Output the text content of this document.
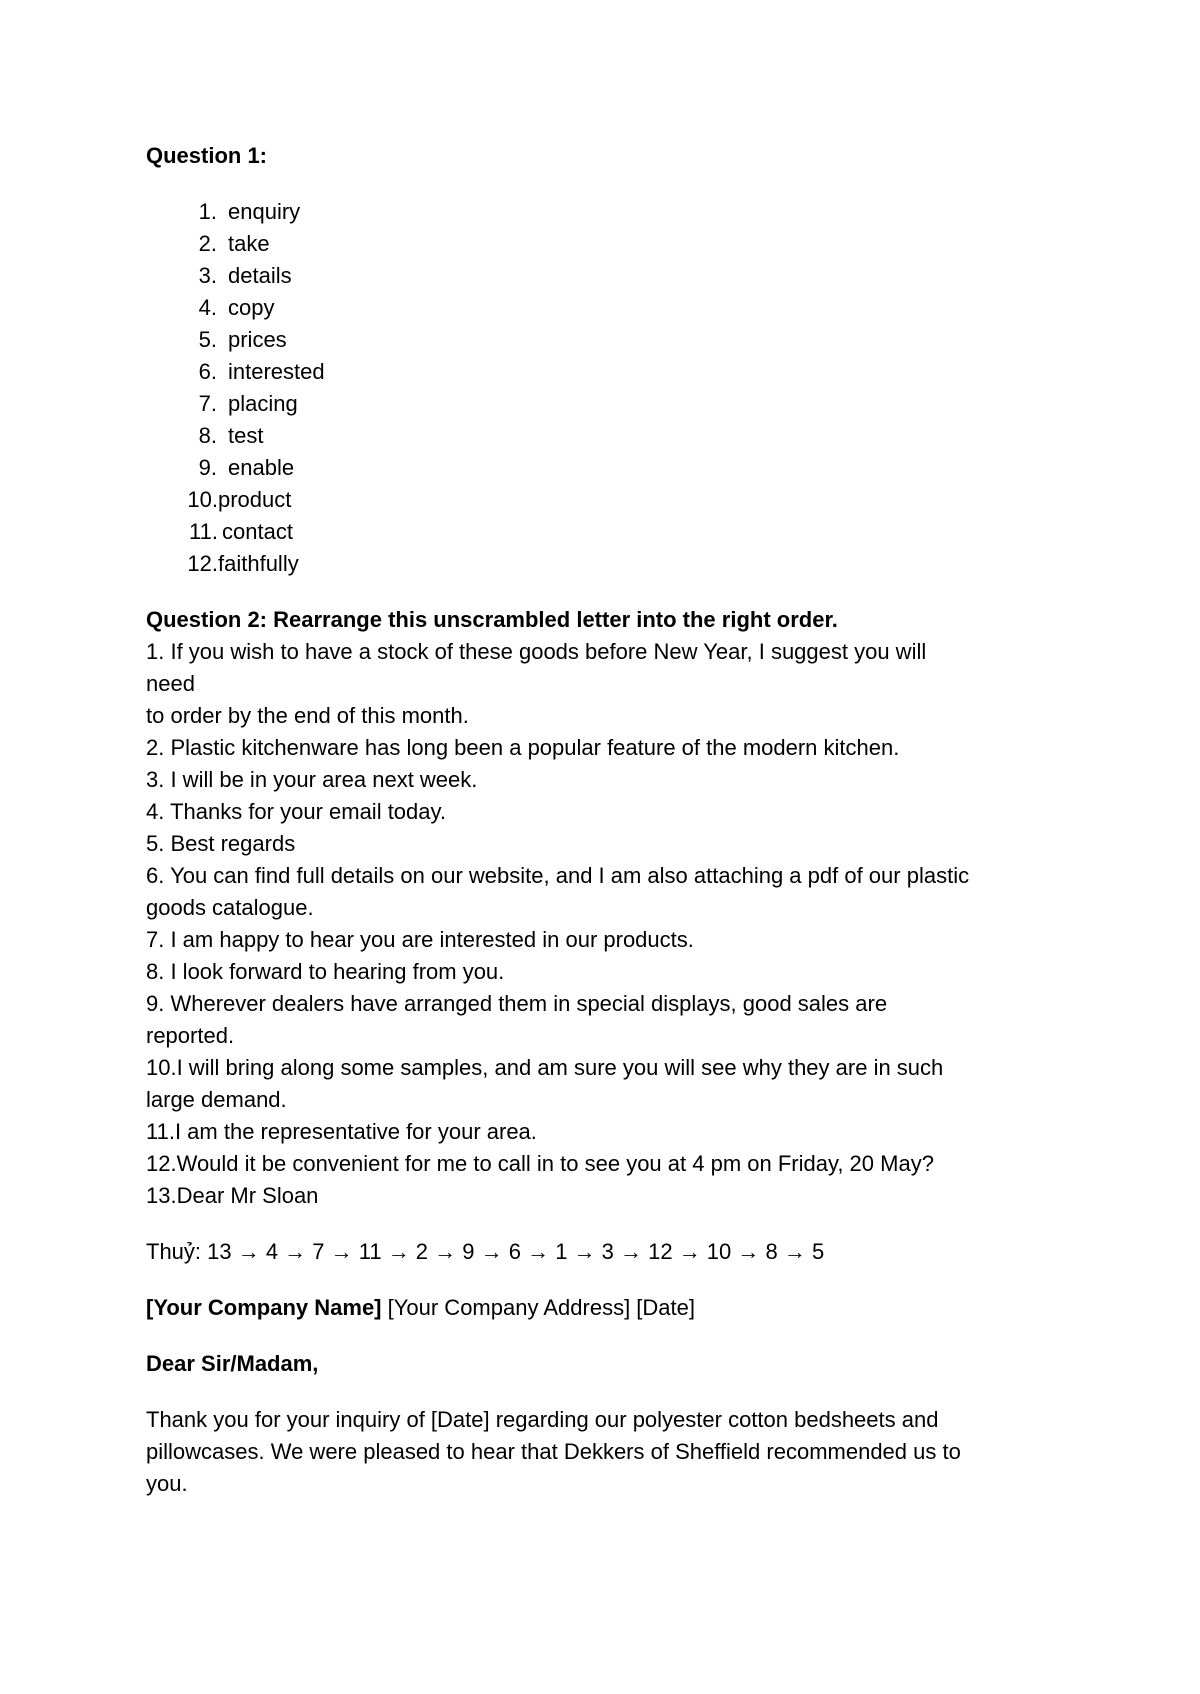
Question 1:

1. enquiry
2. take
3. details
4. copy
5. prices
6. interested
7. placing
8. test
9. enable
10. product
11. contact
12. faithfully

Question 2: Rearrange this unscrambled letter into the right order.

1. If you wish to have a stock of these goods before New Year, I suggest you will

need

to order by the end of this month.

2. Plastic kitchenware has long been a popular feature of the modern kitchen.

3. I will be in your area next week.

4. Thanks for your email today.

5. Best regards

6. You can find full details on our website, and I am also attaching a pdf of our plastic

goods catalogue.

7. I am happy to hear you are interested in our products.

8. I look forward to hearing from you.

9. Wherever dealers have arranged them in special displays, good sales are

reported.

10.I will bring along some samples, and am sure you will see why they are in such

large demand.

11.I am the representative for your area.

12.Would it be convenient for me to call in to see you at 4 pm on Friday, 20 May?

13.Dear Mr Sloan

Thuỷ: 13 → 4 → 7 → 11 → 2 → 9 → 6 → 1 → 3 → 12 → 10 → 8 → 5

[Your Company Name] [Your Company Address] [Date]

Dear Sir/Madam,

Thank you for your inquiry of [Date] regarding our polyester cotton bedsheets and

pillowcases. We were pleased to hear that Dekkers of Sheffield recommended us to

you.
